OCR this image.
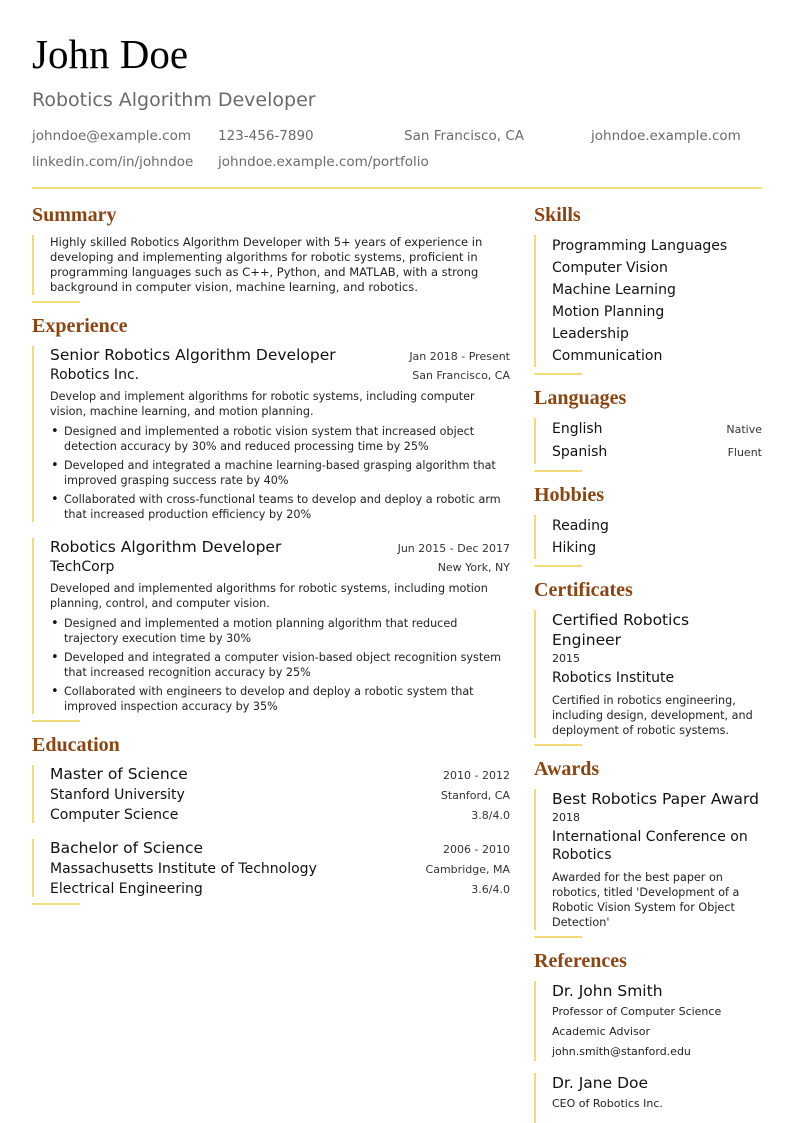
John Doe
Robotics Algorithm Developer
johndoe@example.com 123-456-7890	San Francisco, CA	johndoe.example.com
linkedin.com/in/johndoe johndoe.example.com/portfolio
Summary

Highly skilled Robotics Algorithm Developer with 5+ years of experience in developing and implementing algorithms for robotic systems, proficient in programming languages such as C++, Python, and MATLAB, with a strong background in computer vision, machine learning, and robotics.

Experience
Senior Robotics Algorithm Developer	Jan 2018 - Present
Robotics Inc.	San Francisco, CA

Develop and implement algorithms for robotic systems, including computer vision, machine learning, and motion planning.

• Designed and implemented a robotic vision system that increased object detection accuracy by 30% and reduced processing time by 25%
• Developed and integrated a machine learning-based grasping algorithm that improved grasping success rate by 40%
• Collaborated with cross-functional teams to develop and deploy a robotic arm that increased production efficiency by 20%
Robotics Algorithm Developer	Jun 2015 - Dec 2017
TechCorp	New York, NY

Developed and implemented algorithms for robotic systems, including motion planning, control, and computer vision.

• Designed and implemented a motion planning algorithm that reduced trajectory execution time by 30%
• Developed and integrated a computer vision-based object recognition system that increased recognition accuracy by 25%
• Collaborated with engineers to develop and deploy a robotic system that improved inspection accuracy by 35%
Education
Master of Science	2010 - 2012
Stanford University	Stanford, CA
Computer Science	3.8/4.0
Bachelor of Science	2006 - 2010
Massachusetts Institute of Technology	Cambridge, MA
Electrical Engineering	3.6/4.0
Skills
Programming Languages
Computer Vision
Machine Learning
Motion Planning
Leadership
Communication
Languages
English	Native
Spanish	Fluent
Hobbies
Reading
Hiking
Certificates
Certified Robotics Engineer
2015
Robotics Institute
Certified in robotics engineering, including design, development, and deployment of robotic systems.
Awards
Best Robotics Paper Award
2018
International Conference on Robotics
Awarded for the best paper on robotics, titled 'Development of a Robotic Vision System for Object Detection'
References
Dr. John Smith
Professor of Computer Science
Academic Advisor
john.smith@stanford.edu
Dr. Jane Doe
CEO of Robotics Inc.
